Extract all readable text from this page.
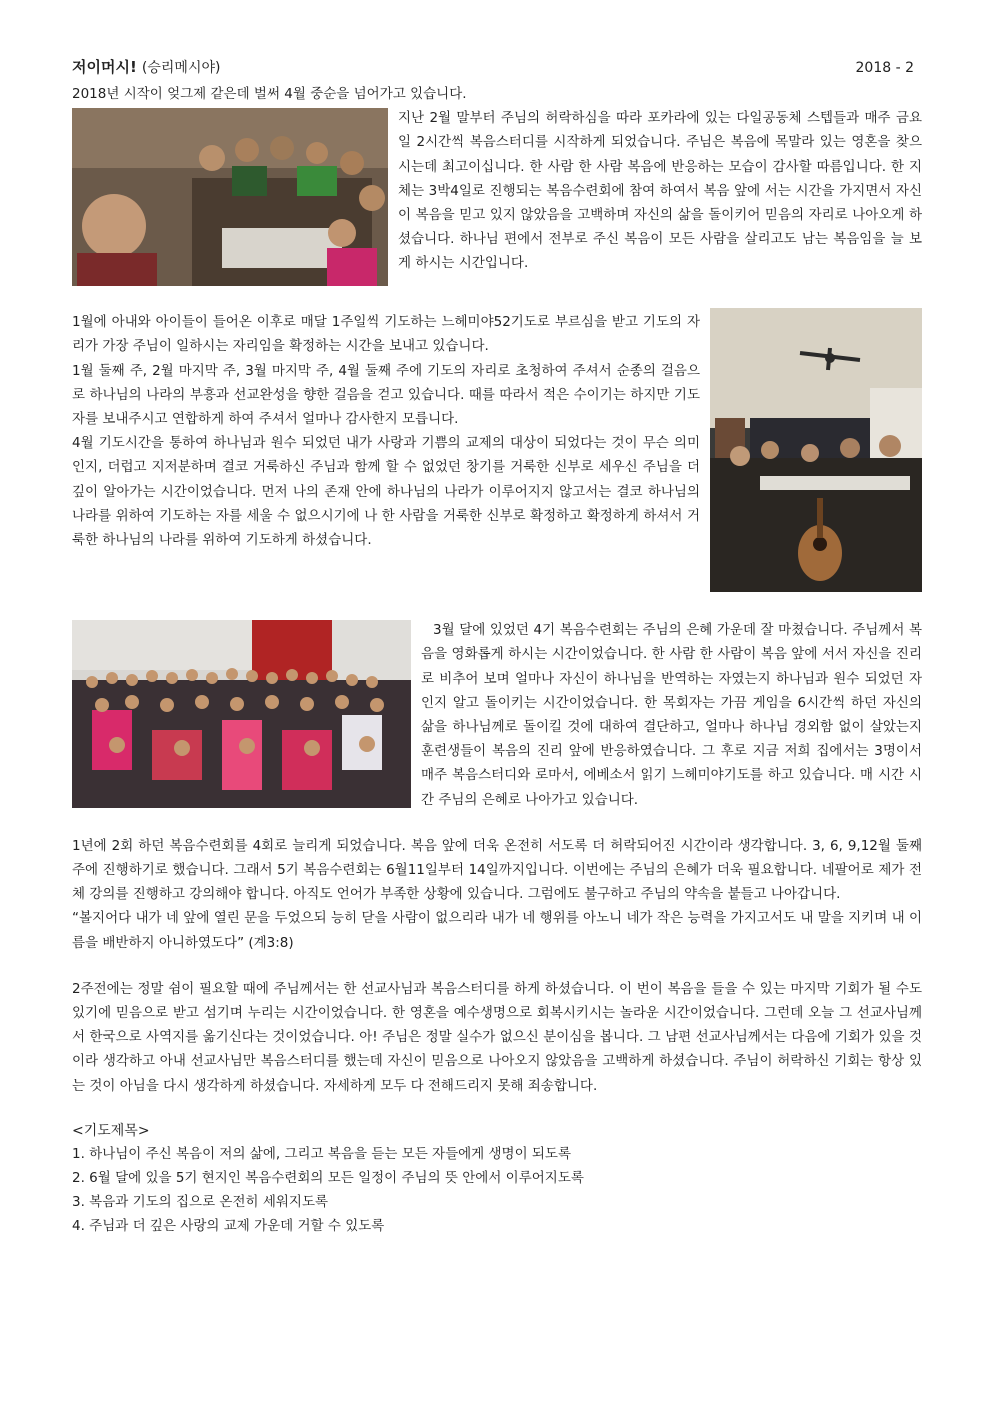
저이머시! (승리메시야)	2018 - 2

2018년 시작이 엊그제 같은데 벌써 4월 중순을 넘어가고 있습니다.

지난 2월 말부터 주님의 허락하심을 따라 포카라에 있는 다일공동체 스텝들과 매주 금요일 2시간씩 복음스터디를 시작하게 되었습니다. 주님은 복음에 목말라 있는 영혼을 찾으시는데 최고이십니다. 한 사람 한 사람 복음에 반응하는 모습이 감사할 따름입니다. 한 지체는 3박4일로 진행되는 복음수련회에 참여 하여서 복음 앞에 서는 시간을 가지면서 자신이 복음을 믿고 있지 않았음을 고백하며 자신의 삶을 돌이키어 믿음의 자리로 나아오게 하셨습니다. 하나님 편에서 전부로 주신 복음이 모든 사람을 살리고도 남는 복음임을 늘 보게 하시는 시간입니다.

1월에 아내와 아이들이 들어온 이후로 매달 1주일씩 기도하는 느헤미야52기도로 부르심을 받고 기도의 자리가 가장 주님이 일하시는 자리임을 확정하는 시간을 보내고 있습니다.

1월 둘째 주, 2월 마지막 주, 3월 마지막 주, 4월 둘째 주에 기도의 자리로 초청하여 주셔서 순종의 걸음으로 하나님의 나라의 부흥과 선교완성을 향한 걸음을 걷고 있습니다. 때를 따라서 적은 수이기는 하지만 기도자를 보내주시고 연합하게 하여 주셔서 얼마나 감사한지 모릅니다.

4월 기도시간을 통하여 하나님과 원수 되었던 내가 사랑과 기쁨의 교제의 대상이 되었다는 것이 무슨 의미인지, 더럽고 지저분하며 결코 거룩하신 주님과 함께 할 수 없었던 창기를 거룩한 신부로 세우신 주님을 더 깊이 알아가는 시간이었습니다. 먼저 나의 존재 안에 하나님의 나라가 이루어지지 않고서는 결코 하나님의 나라를 위하여 기도하는 자를 세울 수 없으시기에 나 한 사람을 거룩한 신부로 확정하고 확정하게 하셔서 거룩한 하나님의 나라를 위하여 기도하게 하셨습니다.

3월 달에 있었던 4기 복음수련회는 주님의 은혜 가운데 잘 마쳤습니다. 주님께서 복음을 영화롭게 하시는 시간이었습니다. 한 사람 한 사람이 복음 앞에 서서 자신을 진리로 비추어 보며 얼마나 자신이 하나님을 반역하는 자였는지 하나님과 원수 되었던 자인지 알고 돌이키는 시간이었습니다. 한 목회자는 가끔 게임을 6시간씩 하던 자신의 삶을 하나님께로 돌이킬 것에 대하여 결단하고, 얼마나 하나님 경외함 없이 살았는지 훈련생들이 복음의 진리 앞에 반응하였습니다. 그 후로 지금 저희 집에서는 3명이서 매주 복음스터디와 로마서, 에베소서 읽기 느헤미야기도를 하고 있습니다. 매 시간 시간 주님의 은혜로 나아가고 있습니다.

1년에 2회 하던 복음수련회를 4회로 늘리게 되었습니다. 복음 앞에 더욱 온전히 서도록 더 허락되어진 시간이라 생각합니다. 3, 6, 9,12월 둘째 주에 진행하기로 했습니다. 그래서 5기 복음수련회는 6월11일부터 14일까지입니다. 이번에는 주님의 은혜가 더욱 필요합니다. 네팔어로 제가 전체 강의를 진행하고 강의해야 합니다. 아직도 언어가 부족한 상황에 있습니다. 그럼에도 불구하고 주님의 약속을 붙들고 나아갑니다.

“볼지어다 내가 네 앞에 열린 문을 두었으되 능히 닫을 사람이 없으리라 내가 네 행위를 아노니 네가 작은 능력을 가지고서도 내 말을 지키며 내 이름을 배반하지 아니하였도다” (계3:8)

2주전에는 정말 쉼이 필요할 때에 주님께서는 한 선교사님과 복음스터디를 하게 하셨습니다. 이 번이 복음을 들을 수 있는 마지막 기회가 될 수도 있기에 믿음으로 받고 섬기며 누리는 시간이었습니다. 한 영혼을 예수생명으로 회복시키시는 놀라운 시간이었습니다. 그런데 오늘 그 선교사님께서 한국으로 사역지를 옮기신다는 것이었습니다. 아! 주님은 정말 실수가 없으신 분이심을 봅니다. 그 남편 선교사님께서는 다음에 기회가 있을 것이라 생각하고 아내 선교사님만 복음스터디를 했는데 자신이 믿음으로 나아오지 않았음을 고백하게 하셨습니다. 주님이 허락하신 기회는 항상 있는 것이 아님을 다시 생각하게 하셨습니다. 자세하게 모두 다 전해드리지 못해 죄송합니다.

<기도제목>

1. 하나님이 주신 복음이 저의 삶에, 그리고 복음을 듣는 모든 자들에게 생명이 되도록
2. 6월 달에 있을 5기 현지인 복음수련회의 모든 일정이 주님의 뜻 안에서 이루어지도록
3. 복음과 기도의 집으로 온전히 세워지도록
4. 주님과 더 깊은 사랑의 교제 가운데 거할 수 있도록
